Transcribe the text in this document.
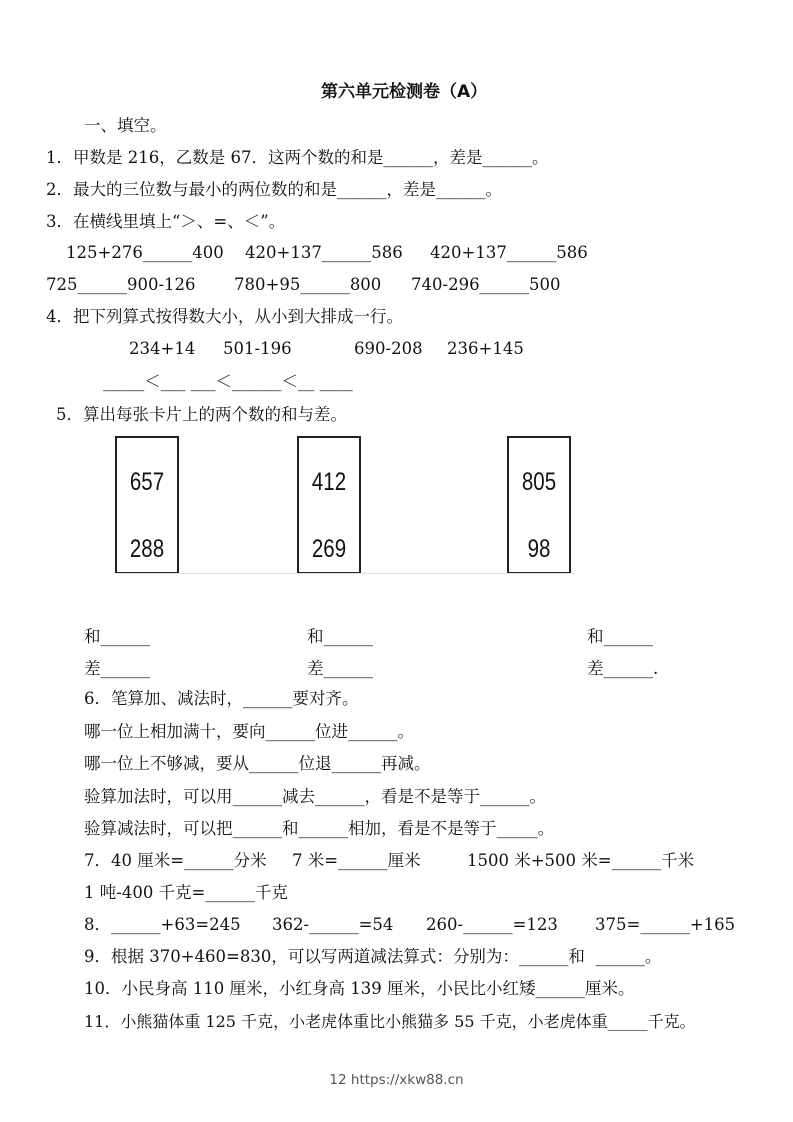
第六单元检测卷（A）
一、填空。
1．甲数是 216，乙数是 67．这两个数的和是______，差是______。
2．最大的三位数与最小的两位数的和是______，差是______。
3．在横线里填上“＞、=、＜”。
125+276______400 420+137______586 420+137______586
725______900-126 780+95______800 740-296______500
4．把下列算式按得数大小，从小到大排成一行。
234+14 501-196	690-208 236+145
_____＜___ ___＜______＜__ ____
5．算出每张卡片上的两个数的和与差。
657
288
412
269
805
98
和______	和______	和______
差______	差______	差______.
6．笔算加、减法时，______要对齐。
哪一位上相加满十，要向______位进______。
哪一位上不够减，要从______位退______再减。
验算加法时，可以用______减去______，看是不是等于______。
验算减法时，可以把______和______相加，看是不是等于_____。
7．40 厘米=______分米 7 米=______厘米	1500 米+500 米=______千米
1 吨-400 千克=______千克
8．______+63=245 362-______=54 260-______=123 375=______+165
9．根据 370+460=830，可以写两道减法算式：分别为：______和  ______。
10．小民身高 110 厘米，小红身高 139 厘米，小民比小红矮______厘米。
11．小熊猫体重 125 千克，小老虎体重比小熊猫多 55 千克，小老虎体重_____千克。
12 https://xkw88.cn
